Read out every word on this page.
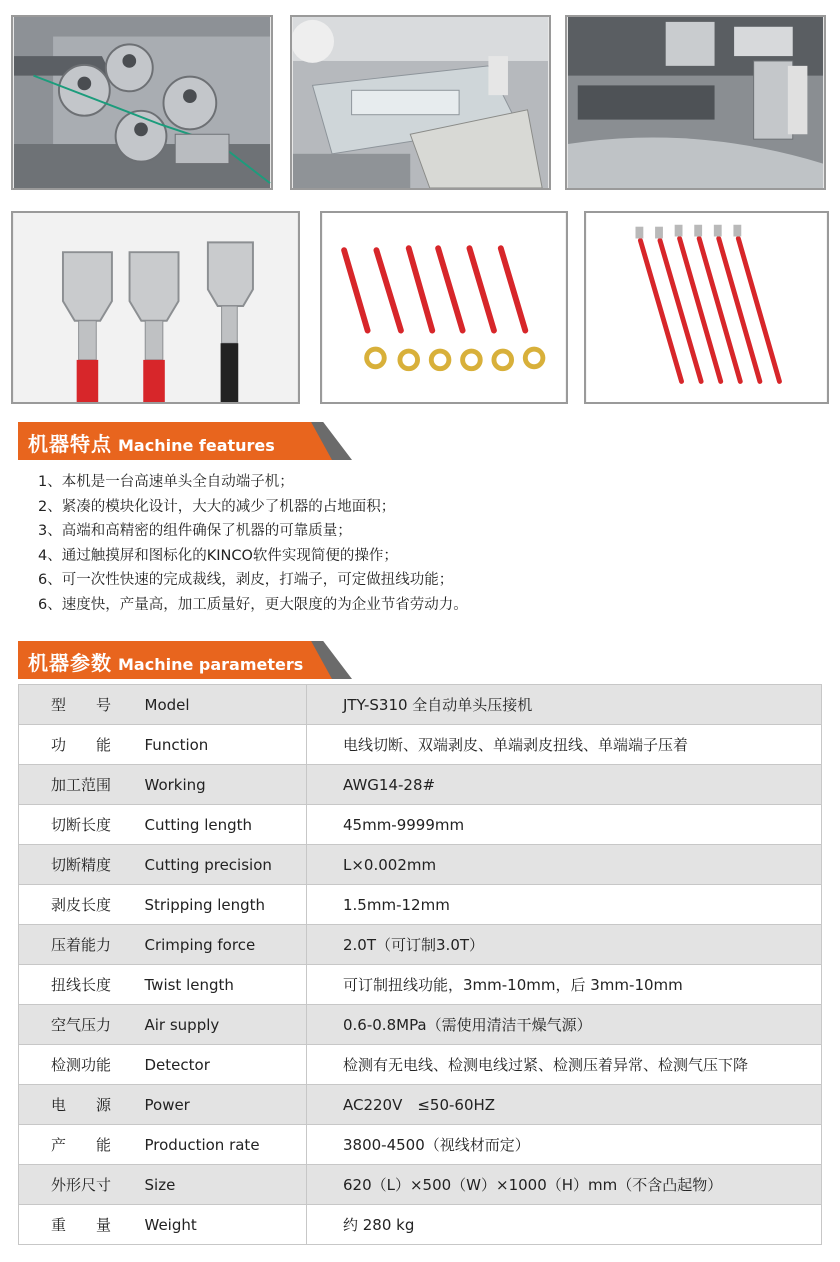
机器特点 Machine features
1、本机是一台高速单头全自动端子机；
2、紧凑的模块化设计，大大的减少了机器的占地面积；
3、高端和高精密的组件确保了机器的可靠质量；
4、通过触摸屏和图标化的KINCO软件实现简便的操作；
6、可一次性快速的完成裁线，剥皮，打端子，可定做扭线功能；
6、速度快，产量高，加工质量好，更大限度的为企业节省劳动力。
机器参数 Machine parameters
型　　号	Model	JTY-S310 全自动单头压接机
功　　能	Function	电线切断、双端剥皮、单端剥皮扭线、单端端子压着
加工范围	Working	AWG14-28#
切断长度	Cutting length	45mm-9999mm
切断精度	Cutting precision	L×0.002mm
剥皮长度	Stripping length	1.5mm-12mm
压着能力	Crimping force	2.0T（可订制3.0T）
扭线长度	Twist length	可订制扭线功能，3mm-10mm，后 3mm-10mm
空气压力	Air supply	0.6-0.8MPa（需使用清洁干燥气源）
检测功能	Detector	检测有无电线、检测电线过紧、检测压着异常、检测气压下降
电　　源	Power	AC220V　≤50-60HZ
产　　能	Production rate	3800-4500（视线材而定）
外形尺寸	Size	620（L）×500（W）×1000（H）mm（不含凸起物）
重　　量	Weight	约 280 kg
